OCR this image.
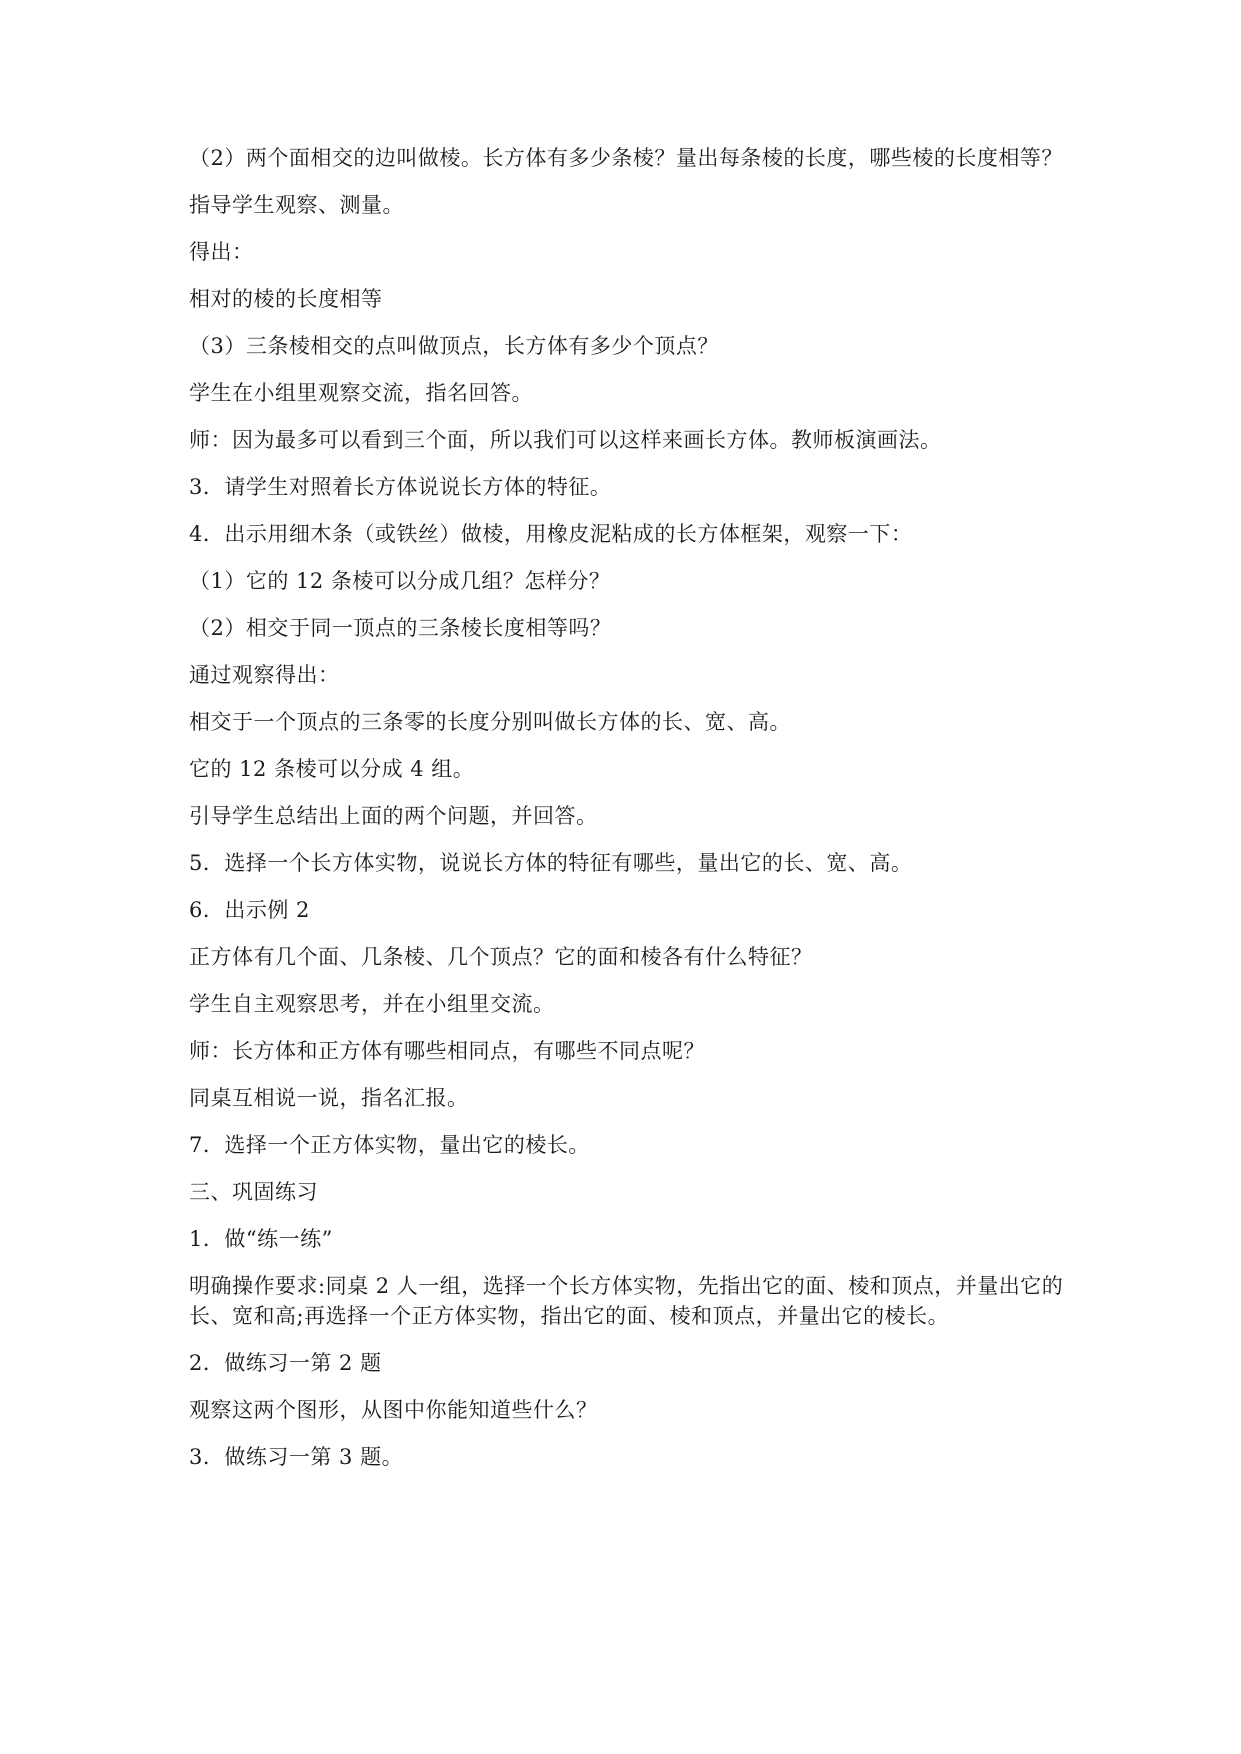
（2）两个面相交的边叫做棱。长方体有多少条棱？量出每条棱的长度，哪些棱的长度相等？

指导学生观察、测量。

得出：

相对的棱的长度相等

（3）三条棱相交的点叫做顶点，长方体有多少个顶点？

学生在小组里观察交流，指名回答。

师：因为最多可以看到三个面，所以我们可以这样来画长方体。教师板演画法。

3．请学生对照着长方体说说长方体的特征。

4．出示用细木条（或铁丝）做棱，用橡皮泥粘成的长方体框架，观察一下：

（1）它的 12 条棱可以分成几组？怎样分？

（2）相交于同一顶点的三条棱长度相等吗？

通过观察得出：

相交于一个顶点的三条零的长度分别叫做长方体的长、宽、高。

它的 12 条棱可以分成 4 组。

引导学生总结出上面的两个问题，并回答。

5．选择一个长方体实物，说说长方体的特征有哪些，量出它的长、宽、高。

6．出示例 2

正方体有几个面、几条棱、几个顶点？它的面和棱各有什么特征？

学生自主观察思考，并在小组里交流。

师：长方体和正方体有哪些相同点，有哪些不同点呢？

同桌互相说一说，指名汇报。

7．选择一个正方体实物，量出它的棱长。

三、巩固练习

1．做“练一练”

明确操作要求:同桌 2 人一组，选择一个长方体实物，先指出它的面、棱和顶点，并量出它的长、宽和高;再选择一个正方体实物，指出它的面、棱和顶点，并量出它的棱长。

2．做练习一第 2 题

观察这两个图形，从图中你能知道些什么？

3．做练习一第 3 题。
